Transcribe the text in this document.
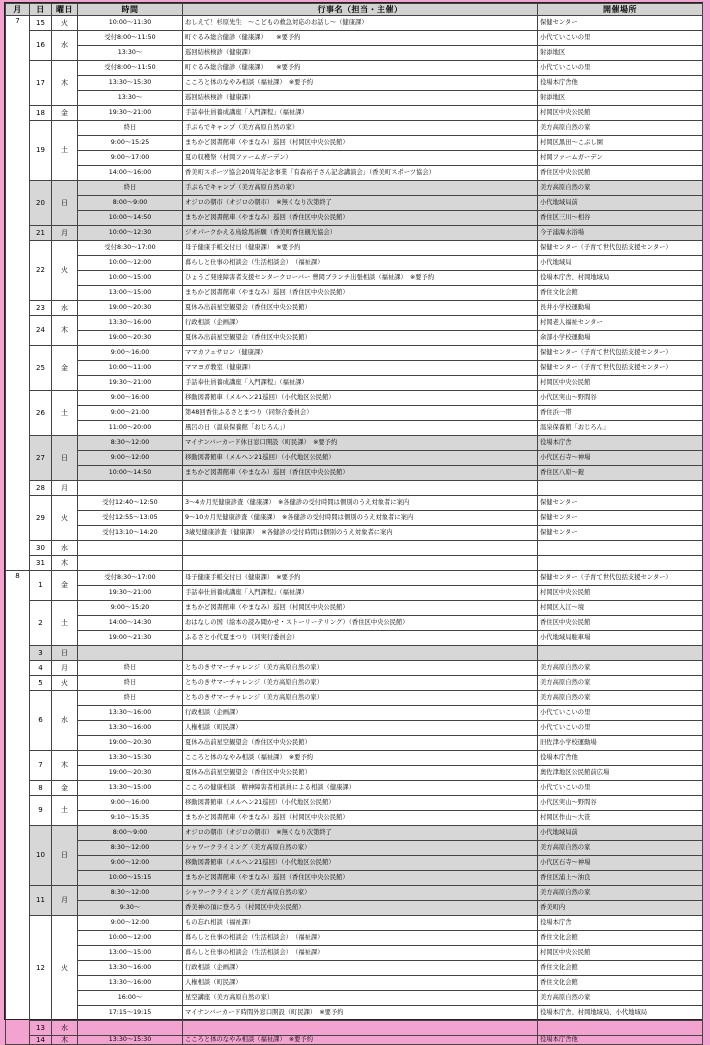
月	日	曜日	時間	行事名（担当・主催）	開催場所
7	15	火	10:00～11:30	おしえて！杉原先生　～こどもの救急対応のお話し～（健康課）	保健センター
	16	水	受付8:00～11:50	町ぐるみ総合健診（健康課）　　※要予約	小代ていこいの里
			13:30～	巡回結核検診（健康課）	射添地区
	17	木	受付8:00～11:50	町ぐるみ総合健診（健康課）　　※要予約	小代ていこいの里
			13:30～15:30	こころと体のなやみ相談（福祉課）　※要予約	役場本庁舎他
			13:30～	巡回結核検診（健康課）	射添地区
	18	金	19:30～21:00	手話奉仕員養成講座「入門課程」（福祉課）	村岡区中央公民館
	19	土	終日	手ぶらでキャンプ（美方高原自然の家）	美方高原自然の家
			9:00～15:25	まちかど図書館車（やまなみ）巡回（村岡区中央公民館）	村岡区黒田～こぶし園
			9:00～17:00	夏の収穫祭（村岡ファームガーデン）	村岡ファームガーデン
			14:00～16:00	香美町スポーツ協会20周年記念事業「有森裕子さん記念講演会」（香美町スポーツ協会）	香住区中央公民館
	20	日	終日	手ぶらでキャンプ（美方高原自然の家）	美方高原自然の家
			8:00～9:00	オジロの朝市（オジロの朝市）　※無くなり次第終了	小代地域局前
			10:00～14:50	まちかど図書館車（やまなみ）巡回（香住区中央公民館）	香住区三川～相谷
	21	月	10:00～12:30	ジオパークかえる鳥絵馬祈願（香美町香住観光協会）	今子浦海水浴場
	22	火	受付8:30～17:00	母子健康手帳交付日（健康課）　※要予約	保健センター（子育て世代包括支援センター）
			10:00～12:00	暮らしと仕事の相談会（生活相談会）　（福祉課）	小代地域局
			10:00～15:00	ひょうご発達障害者支援センタークローバー 豊岡ブランチ出張相談（福祉課）　※要予約	役場本庁舎、村岡地域局
			13:00～15:00	まちかど図書館車（やまなみ）巡回（香住区中央公民館）	香住文化会館
	23	水	19:00～20:30	夏休み出前星空観望会（香住区中央公民館）	長井小学校運動場
	24	木	13:30～16:00	行政相談（企画課）	村岡老人福祉センター
			19:00～20:30	夏休み出前星空観望会（香住区中央公民館）	余部小学校運動場
	25	金	9:00～16:00	ママカフェサロン（健康課）	保健センター（子育て世代包括支援センター）
			10:00～11:00	ママヨガ教室（健康課）	保健センター（子育て世代包括支援センター）
			19:30～21:00	手話奉仕員養成講座「入門課程」（福祉課）	村岡区中央公民館
	26	土	9:00～16:00	移動図書館車（メルヘン21巡回）（小代地区公民館）	小代区実山～野間谷
			9:00～21:00	第48回香住ふるさとまつり（同祭合委員会）	香住浜一帯
			11:00～20:00	風呂の日（温泉保養館「おじろん」）	温泉保養館「おじろん」
	27	日	8:30～12:00	マイナンバーカード休日窓口開設（町民課）　※要予約	役場本庁舎
			9:00～12:00	移動図書館車（メルヘン21巡回）（小代地区公民館）	小代区石寺～神場
			10:00～14:50	まちかど図書館車（やまなみ）巡回（香住区中央公民館）	香住区八原～鎧
	28	月			
	29	火	受付12:40～12:50	3～4カ月児健康診査（健康課）　※各健診の受付時間は個別のうえ対象者に案内	保健センター
			受付12:55～13:05	9～10カ月児健康診査（健康課）　※各健診の受付時間は個別のうえ対象者に案内	保健センター
			受付13:10～14:20	3歳児健康診査（健康課）　※各健診の受付時間は個別のうえ対象者に案内	保健センター
	30	水			
	31	木			
8	1	金	受付8:30～17:00	母子健康手帳交付日（健康課）　※要予約	保健センター（子育て世代包括支援センター）
			19:30～21:00	手話奉仕員養成講座「入門課程」（福祉課）	村岡区中央公民館
	2	土	9:00～15:20	まちかど図書館車（やまなみ）巡回（村岡区中央公民館）	村岡区入江～境
			14:00～14:30	おはなしの国（絵本の読み聞かせ・ストーリーテリング）（香住区中央公民館）	香住区中央公民館
			19:00～21:30	ふるさと小代夏まつり（同実行委員会）	小代地域局駐車場
	3	日			
	4	月	終日	とちのきサマーチャレンジ（美方高原自然の家）	美方高原自然の家
	5	火	終日	とちのきサマーチャレンジ（美方高原自然の家）	美方高原自然の家
	6	水	終日	とちのきサマーチャレンジ（美方高原自然の家）	美方高原自然の家
			13:30～16:00	行政相談（企画課）	小代ていこいの里
			13:30～16:00	人権相談（町民課）	小代ていこいの里
			19:00～20:30	夏休み出前星空観望会（香住区中央公民館）	旧佐津小学校運動場
	7	木	13:30～15:30	こころと体のなやみ相談（福祉課）　※要予約	役場本庁舎他
			19:00～20:30	夏休み出前星空観望会（香住区中央公民館）	奥佐津地区公民館前広場
	8	金	13:30～15:00	こころの健康相談　精神障害者相談員による相談（健康課）	小代ていこいの里
	9	土	9:00～16:00	移動図書館車（メルヘン21巡回）（小代地区公民館）	小代区実山～野間谷
			9:10～15:35	まちかど図書館車（やまなみ）巡回（村岡区中央公民館）	村岡区作山～大笹
	10	日	8:00～9:00	オジロの朝市（オジロの朝市）　※無くなり次第終了	小代地域局前
			8:30～12:00	シャワークライミング（美方高原自然の家）	美方高原自然の家
			9:00～12:00	移動図書館車（メルヘン21巡回）（小代地区公民館）	小代区石寺～神場
			10:00～15:15	まちかど図書館車（やまなみ）巡回（香住区中央公民館）	香住区浦上～油良
	11	月	8:30～12:00	シャワークライミング（美方高原自然の家）	美方高原自然の家
			9:30～	香美神の頂に登ろう（村岡区中央公民館）	香美町内
	12	火	9:00～12:00	もの忘れ相談（福祉課）	役場本庁舎
			10:00～12:00	暮らしと仕事の相談会（生活相談会）　（福祉課）	香住文化会館
			13:00～15:00	暮らしと仕事の相談会（生活相談会）　（福祉課）	村岡区中央公民館
			13:30～16:00	行政相談（企画課）	香住文化会館
			13:30～16:00	人権相談（町民課）	香住文化会館
			16:00～	星空講座（美方高原自然の家）	美方高原自然の家
			17:15～19:15	マイナンバーカード時間外窓口開設（町民課）　※要予約	役場本庁舎、村岡地域局、小代地域局
	13	水			
	14	木	13:30～15:30	こころと体のなやみ相談（福祉課）　※要予約	役場本庁舎他
